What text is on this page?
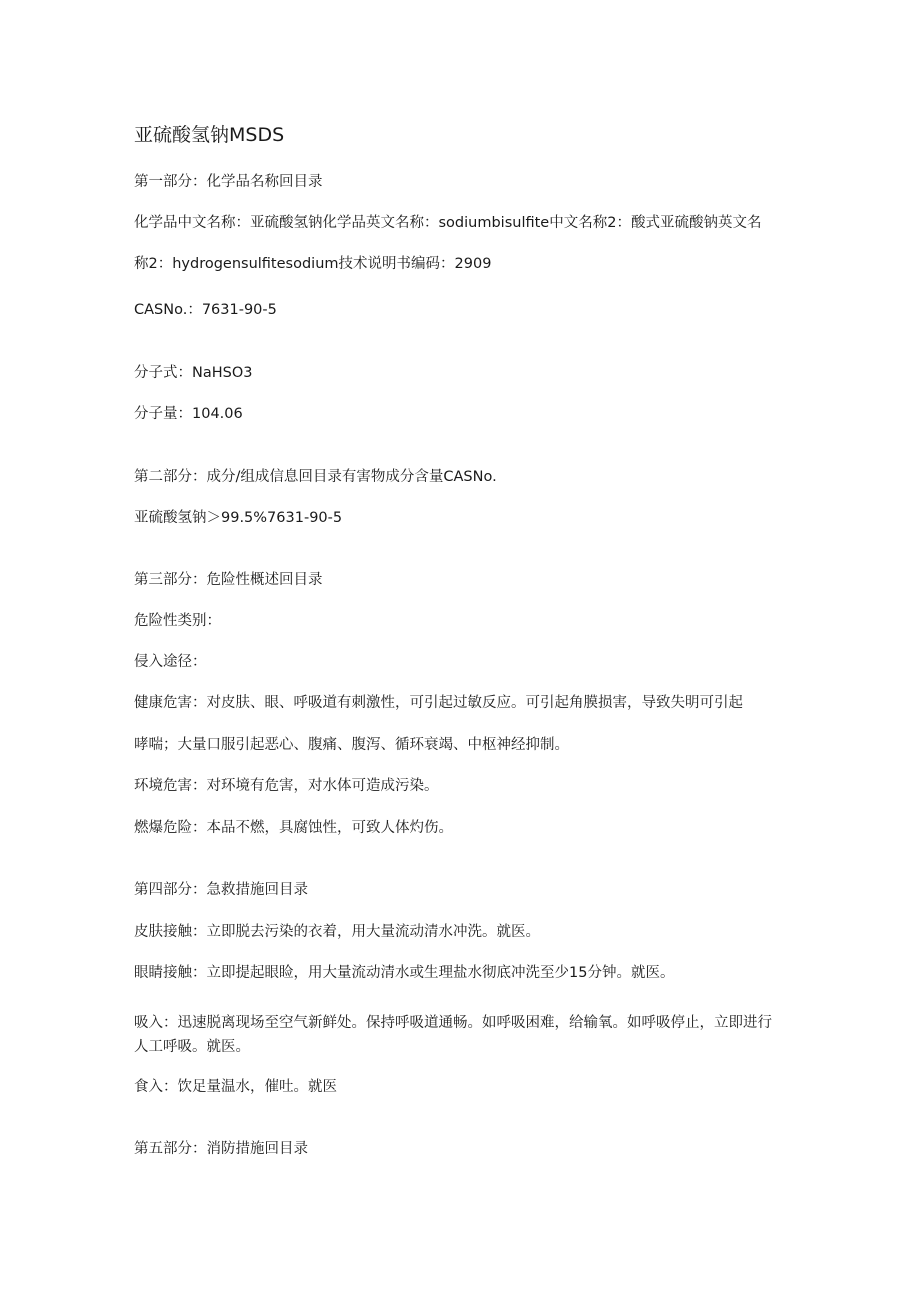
亚硫酸氢钠MSDS

第一部分：化学品名称回目录

化学品中文名称：亚硫酸氢钠化学品英文名称：sodiumbisulfite中文名称2：酸式亚硫酸钠英文名

称2：hydrogensulfitesodium技术说明书编码：2909

CASNo.：7631-90-5

分子式：NaHSO3

分子量：104.06

第二部分：成分/组成信息回目录有害物成分含量CASNo.

亚硫酸氢钠＞99.5%7631-90-5

第三部分：危险性概述回目录

危险性类别：

侵入途径：

健康危害：对皮肤、眼、呼吸道有刺激性，可引起过敏反应。可引起角膜损害，导致失明可引起

哮喘；大量口服引起恶心、腹痛、腹泻、循环衰竭、中枢神经抑制。

环境危害：对环境有危害，对水体可造成污染。

燃爆危险：本品不燃，具腐蚀性，可致人体灼伤。

第四部分：急救措施回目录

皮肤接触：立即脱去污染的衣着，用大量流动清水冲洗。就医。

眼睛接触：立即提起眼睑，用大量流动清水或生理盐水彻底冲洗至少15分钟。就医。

吸入：迅速脱离现场至空气新鲜处。保持呼吸道通畅。如呼吸困难，给输氧。如呼吸停止，立即进行人工呼吸。就医。

食入：饮足量温水，催吐。就医

第五部分：消防措施回目录
